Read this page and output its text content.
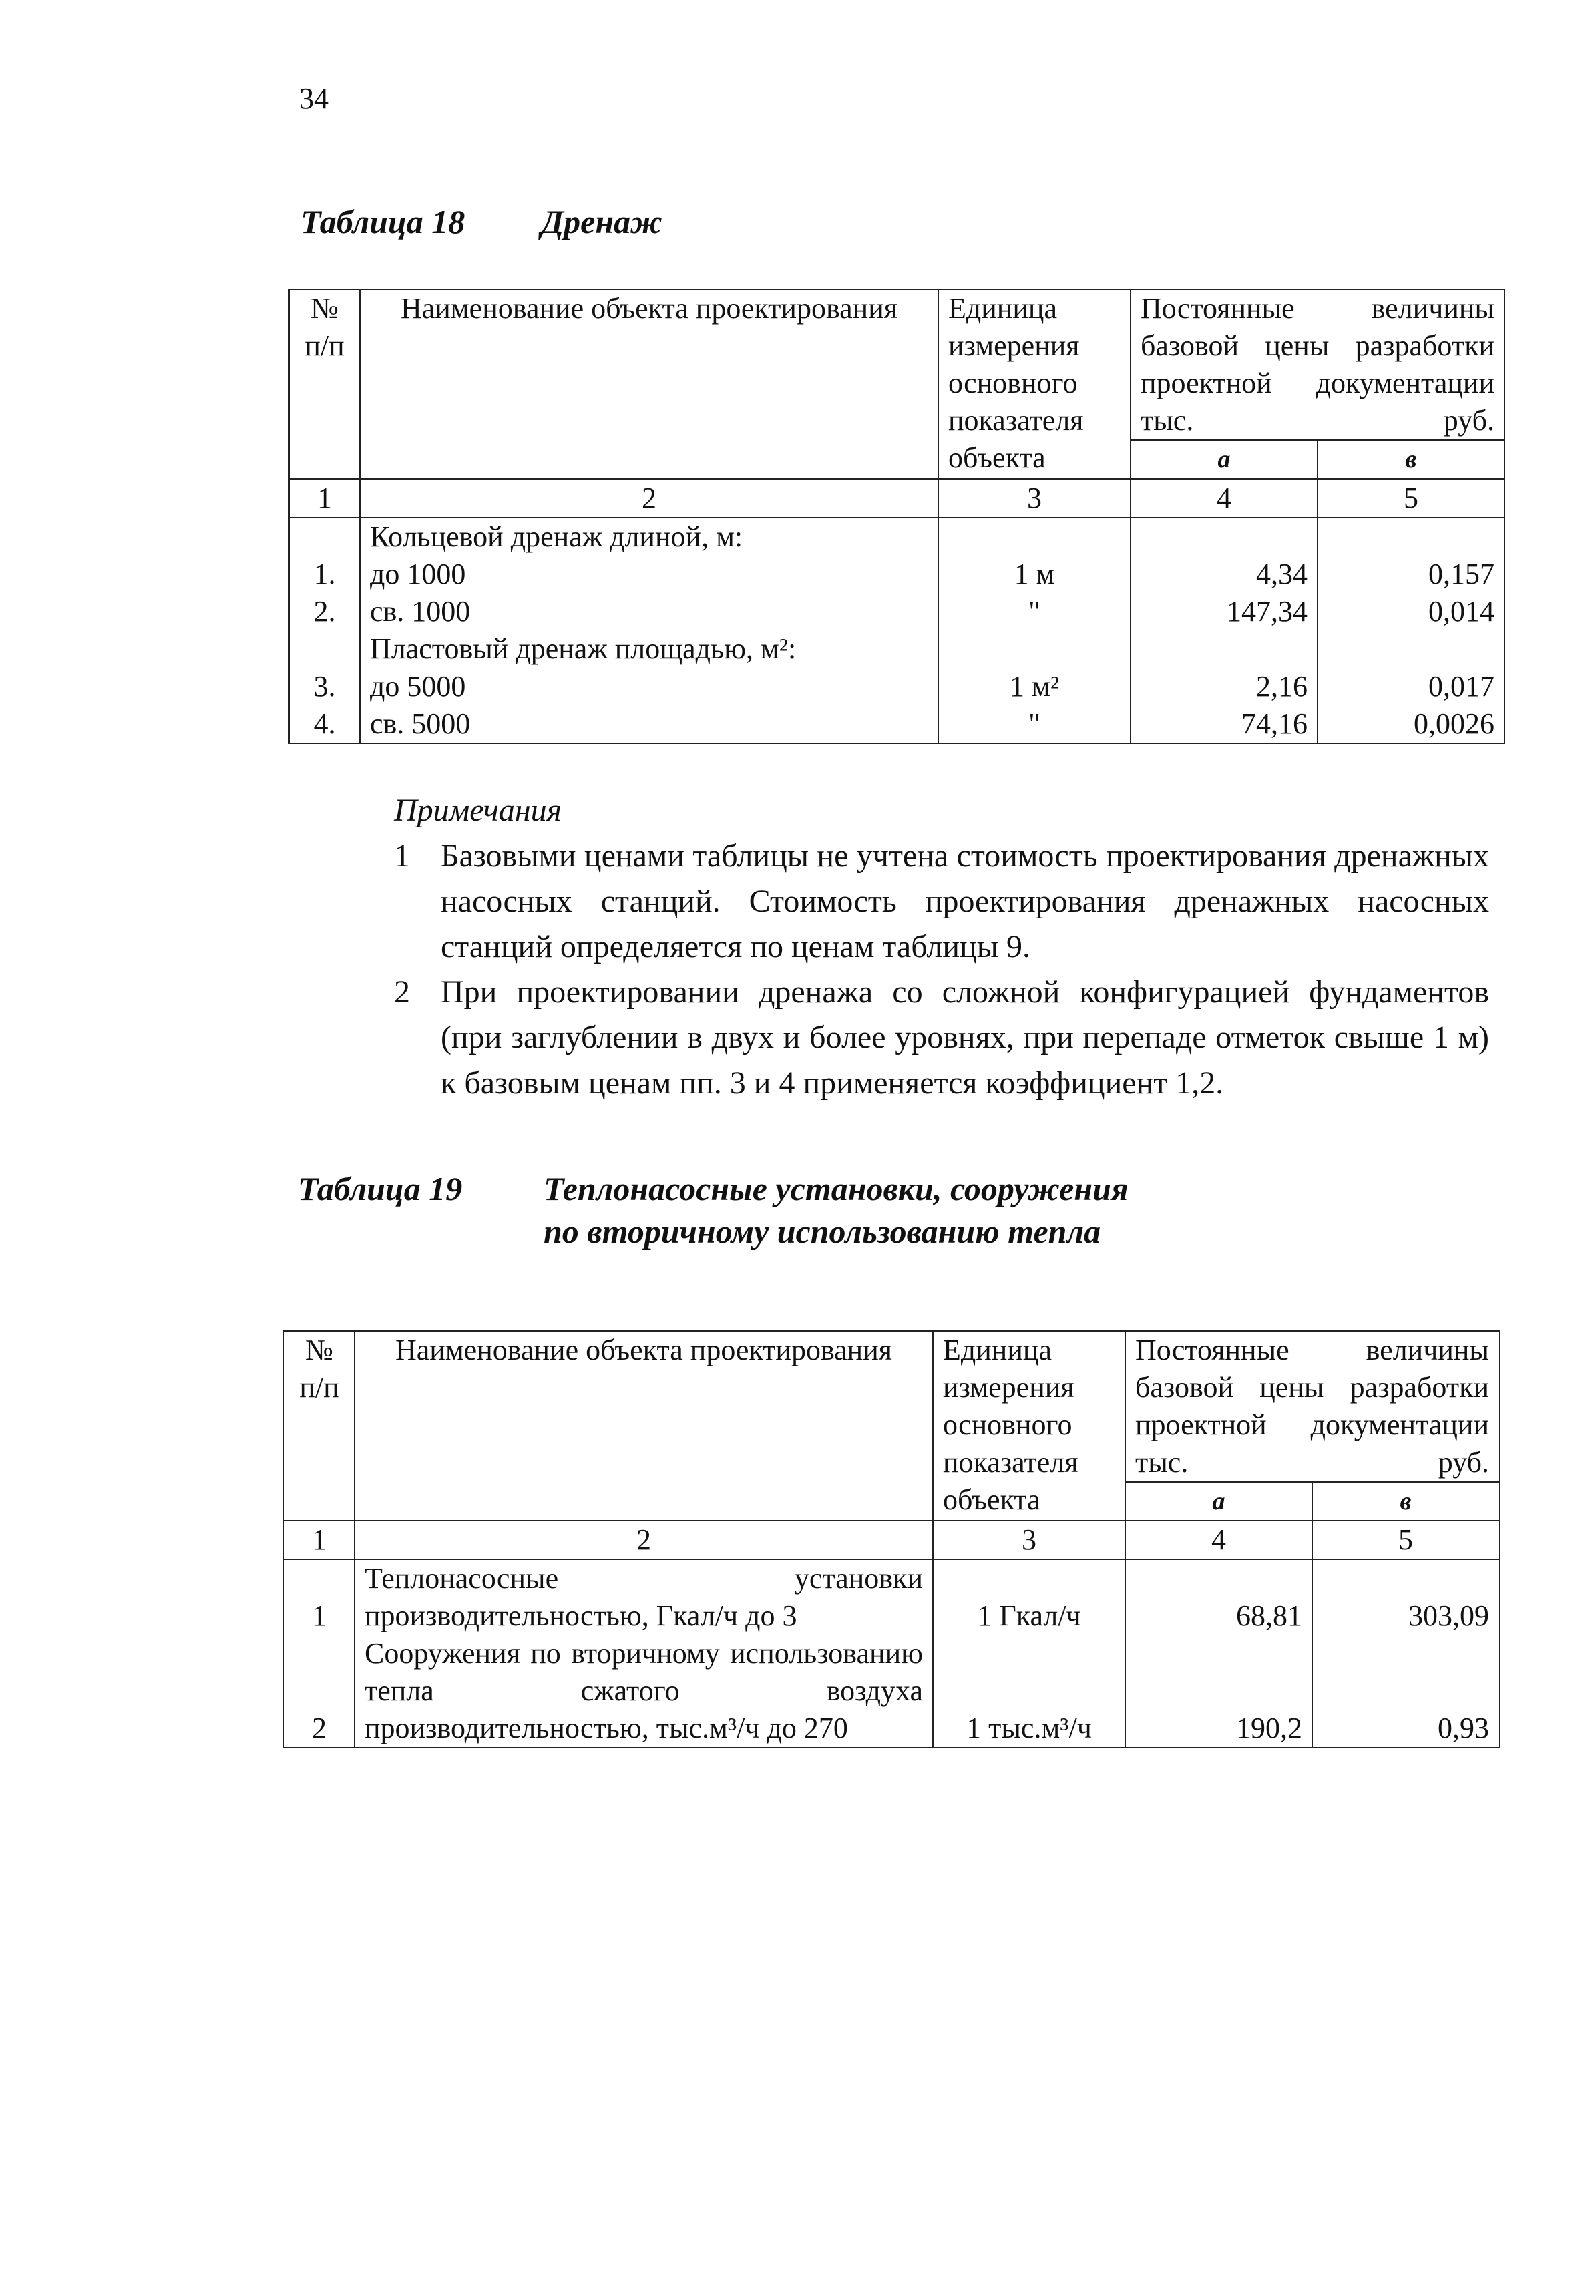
34
Таблица 18 Дренаж
№ п/п	Наименование объекта проектирования	Единица измерения основного показателя объекта	Постоянные величины базовой цены разработки проектной документации тыс. руб.	
			а	в
1	2	3	4	5
	Кольцевой дренаж длиной, м:			
1.	до 1000	1 м	4,34	0,157
2.	св. 1000	"	147,34	0,014
	Пластовый дренаж площадью, м²:			
3.	до 5000	1 м²	2,16	0,017
4.	св. 5000	"	74,16	0,0026
Примечания
1 Базовыми ценами таблицы не учтена стоимость проектирования дренажных насосных станций. Стоимость проектирования дренажных насосных станций определяется по ценам таблицы 9.
2 При проектировании дренажа со сложной конфигурацией фундаментов (при заглублении в двух и более уровнях, при перепаде отметок свыше 1 м) к базовым ценам пп. 3 и 4 применяется коэффициент 1,2.
Таблица 19 Теплонасосные установки, сооружения
по вторичному использованию тепла
№ п/п	Наименование объекта проектирования	Единица измерения основного показателя объекта	Постоянные величины базовой цены разработки проектной документации тыс. руб.	
			а	в
1	2	3	4	5
1	Теплонасосные установки производительностью, Гкал/ч до 3	1 Гкал/ч	68,81	303,09
2	Сооружения по вторичному использованию тепла сжатого воздуха производительностью, тыс.м³/ч до 270	1 тыс.м³/ч	190,2	0,93
